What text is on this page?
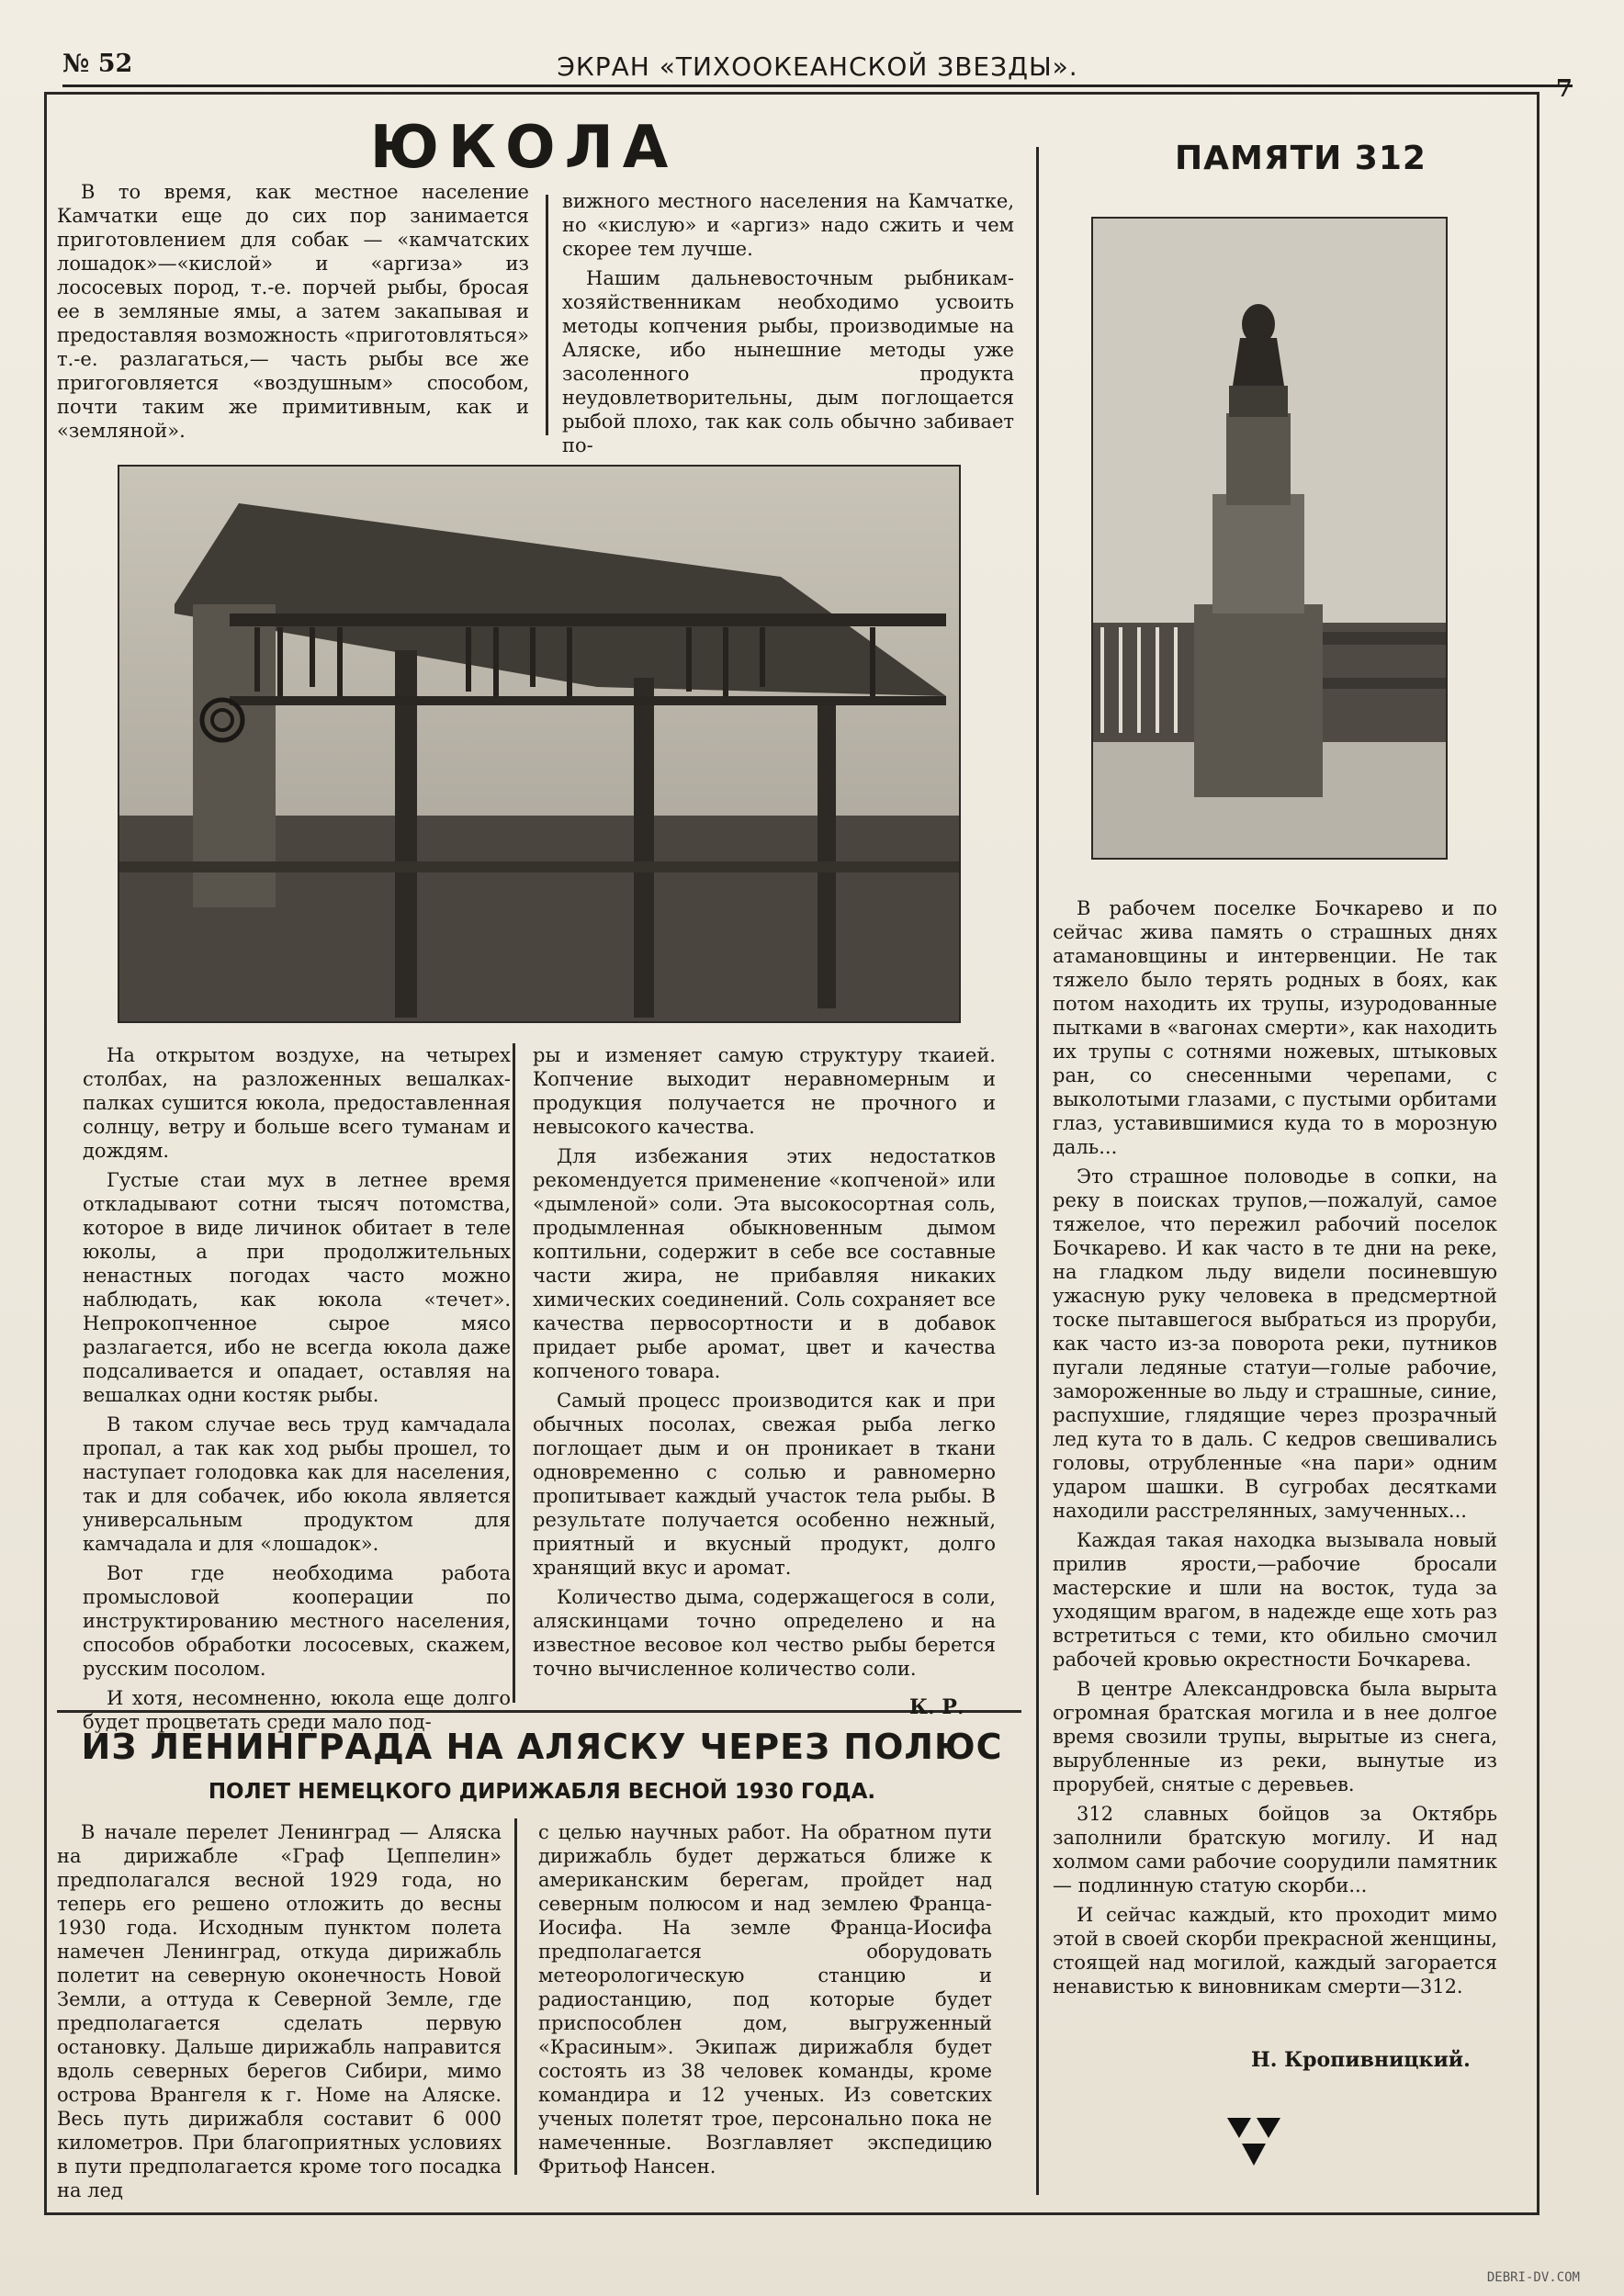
№ 52	ЭКРАН «ТИХООКЕАНСКОЙ ЗВЕЗДЫ».
7
ЮКОЛА

В то время, как местное население Камчатки еще до сих пор занимается приготовлением для собак — «камчатских лошадок»—«кислой» и «аргиза» из лососевых пород, т.-е. порчей рыбы, бросая ее в земляные ямы, а затем закапывая и предоставляя возможность «приготовляться» т.-е. разлагаться,— часть рыбы все же пригоговляется «воздушным» способом, почти таким же примитивным, как и «земляной».

вижного местного населения на Камчатке, но «кислую» и «аргиз» надо сжить и чем скорее тем лучше.

Нашим дальневосточным рыбникам-хозяйственникам необходимо усвоить методы копчения рыбы, производимые на Аляске, ибо нынешние методы уже засоленного продукта неудовлетворительны, дым поглощается рыбой плохо, так как соль обычно забивает по-

На открытом воздухе, на четырех столбах, на разложенных вешалках-палках сушится юкола, предоставленная солнцу, ветру и больше всего туманам и дождям.

Густые стаи мух в летнее время откладывают сотни тысяч потомства, которое в виде личинок обитает в теле юколы, а при продолжительных ненастных погодах часто можно наблюдать, как юкола «течет». Непрокопченное сырое мясо разлагается, ибо не всегда юкола даже подсаливается и опадает, оставляя на вешалках одни костяк рыбы.

В таком случае весь труд камчадала пропал, а так как ход рыбы прошел, то наступает голодовка как для населения, так и для собачек, ибо юкола является универсальным продуктом для камчадала и для «лошадок».

Вот где необходима работа промысловой кооперации по инструктированию местного населения, способов обработки лососевых, скажем, русским посолом.

И хотя, несомненно, юкола еще долго будет процветать среди мало под-

ры и изменяет самую структуру ткаией. Копчение выходит неравномерным и продукция получается не прочного и невысокого качества.

Для избежания этих недостатков рекомендуется применение «копченой» или «дымленой» соли. Эта высокосортная соль, продымленная обыкновенным дымом коптильни, содержит в себе все составные части жира, не прибавляя никаких химических соединений. Соль сохраняет все качества первосортности и в добавок придает рыбе аромат, цвет и качества копченого товара.

Самый процесс производится как и при обычных посолах, свежая рыба легко поглощает дым и он проникает в ткани одновременно с солью и равномерно пропитывает каждый участок тела рыбы. В результате получается особенно нежный, приятный и вкусный продукт, долго хранящий вкус и аромат.

Количество дыма, содержащегося в соли, аляскинцами точно определено и на известное весовое кол чество рыбы берется точно вычисленное количество соли.

К. Р.
ПАМЯТИ 312

В рабочем поселке Бочкарево и по сейчас жива память о страшных днях атамановщины и интервенции. Не так тяжело было терять родных в боях, как потом находить их трупы, изуродованные пытками в «вагонах смерти», как находить их трупы с сотнями ножевых, штыковых ран, со снесенными черепами, с выколотыми глазами, с пустыми орбитами глаз, уставившимися куда то в морозную даль...

Это страшное половодье в сопки, на реку в поисках трупов,—пожалуй, самое тяжелое, что пережил рабочий поселок Бочкарево. И как часто в те дни на реке, на гладком льду видели посиневшую ужасную руку человека в предсмертной тоске пытавшегося выбраться из проруби, как часто из-за поворота реки, путников пугали ледяные статуи—голые рабочие, замороженные во льду и страшные, синие, распухшие, глядящие через прозрачный лед кута то в даль. С кедров свешивались головы, отрубленные «на пари» одним ударом шашки. В сугробах десятками находили расстрелянных, замученных...

Каждая такая находка вызывала новый прилив ярости,—рабочие бросали мастерские и шли на восток, туда за уходящим врагом, в надежде еще хоть раз встретиться с теми, кто обильно смочил рабочей кровью окрестности Бочкарева.

В центре Александровска была вырыта огромная братская могила и в нее долгое время свозили трупы, вырытые из снега, вырубленные из реки, вынутые из прорубей, снятые с деревьев.

312 славных бойцов за Октябрь заполнили братскую могилу. И над холмом сами рабочие соорудили памятник — подлинную статую скорби...

И сейчас каждый, кто проходит мимо этой в своей скорби прекрасной женщины, стоящей над могилой, каждый загорается ненавистью к виновникам смерти—312.

Н. Кропивницкий.
ИЗ ЛЕНИНГРАДА НА АЛЯСКУ ЧЕРЕЗ ПОЛЮС
ПОЛЕТ НЕМЕЦКОГО ДИРИЖАБЛЯ ВЕСНОЙ 1930 ГОДА.

В начале перелет Ленинград — Аляска на дирижабле «Граф Цеппелин» предполагался весной 1929 года, но теперь его решено отложить до весны 1930 года. Исходным пунктом полета намечен Ленинград, откуда дирижабль полетит на северную оконечность Новой Земли, а оттуда к Северной Земле, где предполагается сделать первую остановку. Дальше дирижабль направится вдоль северных берегов Сибири, мимо острова Врангеля к г. Номе на Аляске. Весь путь дирижабля составит 6 000 километров. При благоприятных условиях в пути предполагается кроме того посадка на лед

с целью научных работ. На обратном пути дирижабль будет держаться ближе к американским берегам, пройдет над северным полюсом и над землею Франца-Иосифа. На земле Франца-Иосифа предполагается оборудовать метеорологическую станцию и радиостанцию, под которые будет приспособлен дом, выгруженный «Красиным». Экипаж дирижабля будет состоять из 38 человек команды, кроме командира и 12 ученых. Из советских ученых полетят трое, персонально пока не намеченные. Возглавляет экспедицию Фритьоф Нансен.

DEBRI-DV.COM
